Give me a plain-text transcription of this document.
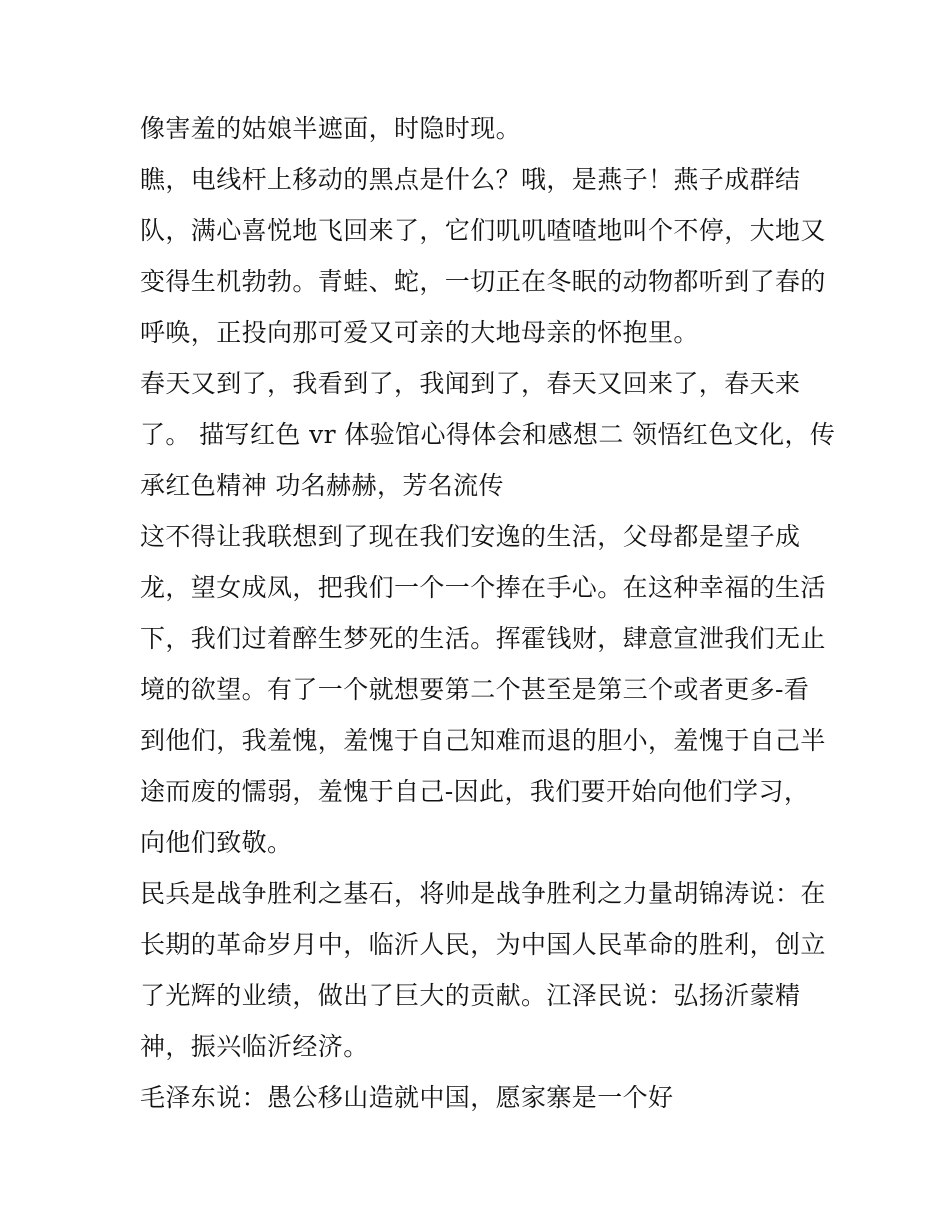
像害羞的姑娘半遮面，时隐时现。
瞧，电线杆上移动的黑点是什么？哦，是燕子！燕子成群结
队，满心喜悦地飞回来了，它们叽叽喳喳地叫个不停，大地又
变得生机勃勃。青蛙、蛇，一切正在冬眠的动物都听到了春的
呼唤，正投向那可爱又可亲的大地母亲的怀抱里。
春天又到了，我看到了，我闻到了，春天又回来了，春天来
了。 描写红色 vr 体验馆心得体会和感想二 领悟红色文化，传
承红色精神 功名赫赫，芳名流传
这不得让我联想到了现在我们安逸的生活，父母都是望子成
龙，望女成凤，把我们一个一个捧在手心。在这种幸福的生活
下，我们过着醉生梦死的生活。挥霍钱财，肆意宣泄我们无止
境的欲望。有了一个就想要第二个甚至是第三个或者更多-看
到他们，我羞愧，羞愧于自己知难而退的胆小，羞愧于自己半
途而废的懦弱，羞愧于自己-因此，我们要开始向他们学习，
向他们致敬。
民兵是战争胜利之基石，将帅是战争胜利之力量胡锦涛说：在
长期的革命岁月中，临沂人民，为中国人民革命的胜利，创立
了光辉的业绩，做出了巨大的贡献。江泽民说：弘扬沂蒙精
神，振兴临沂经济。
毛泽东说：愚公移山造就中国，愿家寨是一个好
